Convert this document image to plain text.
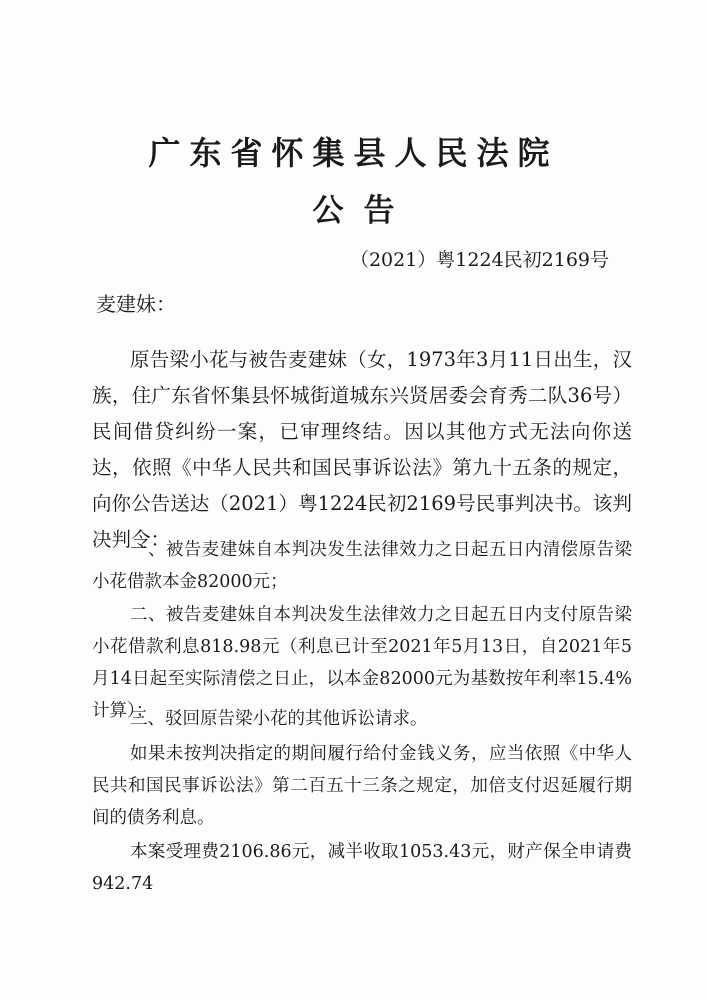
广东省怀集县人民法院
公告
（2021）粤1224民初2169号
麦建妹：

原告梁小花与被告麦建妹（女，1973年3月11日出生，汉族，住广东省怀集县怀城街道城东兴贤居委会育秀二队36号）民间借贷纠纷一案，已审理终结。因以其他方式无法向你送达，依照《中华人民共和国民事诉讼法》第九十五条的规定，向你公告送达（2021）粤1224民初2169号民事判决书。该判决判令：

一、被告麦建妹自本判决发生法律效力之日起五日内清偿原告梁小花借款本金82000元；

二、被告麦建妹自本判决发生法律效力之日起五日内支付原告梁小花借款利息818.98元（利息已计至2021年5月13日，自2021年5月14日起至实际清偿之日止，以本金82000元为基数按年利率15.4%计算）；

三、驳回原告梁小花的其他诉讼请求。

如果未按判决指定的期间履行给付金钱义务，应当依照《中华人民共和国民事诉讼法》第二百五十三条之规定，加倍支付迟延履行期间的债务利息。

本案受理费2106.86元，减半收取1053.43元，财产保全申请费942.74
